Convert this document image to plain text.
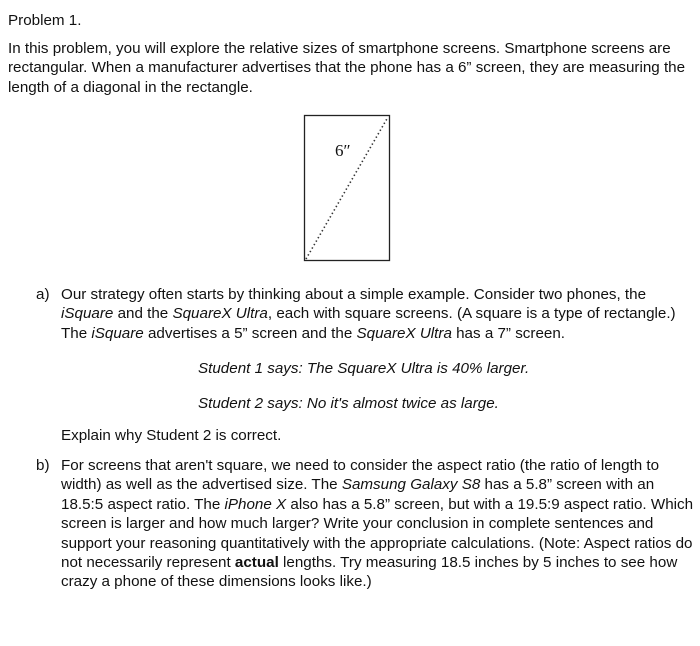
Problem 1.

In this problem, you will explore the relative sizes of smartphone screens. Smartphone screens are rectangular. When a manufacturer advertises that the phone has a 6” screen, they are measuring the length of a diagonal in the rectangle.

6″
a) Our strategy often starts by thinking about a simple example. Consider two phones, the iSquare and the SquareX Ultra, each with square screens. (A square is a type of rectangle.) The iSquare advertises a 5” screen and the SquareX Ultra has a 7” screen.
Student 1 says: The SquareX Ultra is 40% larger.
Student 2 says: No it's almost twice as large.
Explain why Student 2 is correct.
b) For screens that aren't square, we need to consider the aspect ratio (the ratio of length to width) as well as the advertised size. The Samsung Galaxy S8 has a 5.8” screen with an 18.5:5 aspect ratio. The iPhone X also has a 5.8” screen, but with a 19.5:9 aspect ratio. Which screen is larger and how much larger? Write your conclusion in complete sentences and support your reasoning quantitatively with the appropriate calculations. (Note: Aspect ratios do not necessarily represent actual lengths. Try measuring 18.5 inches by 5 inches to see how crazy a phone of these dimensions looks like.)
